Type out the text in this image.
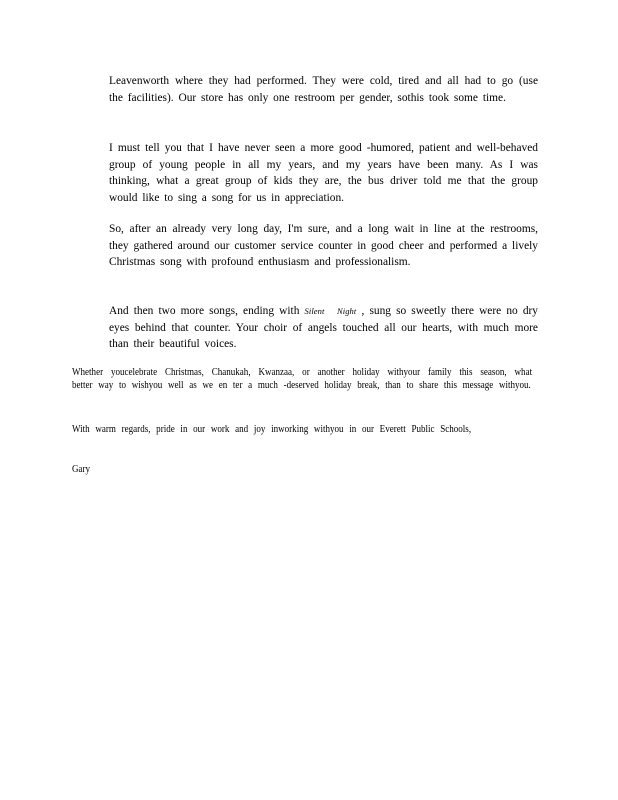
Leavenworth where they had performed. They were cold, tired and all had to go (use the facilities). Our store has only one restroom per gender, sothis took some time.

I must tell you that I have never seen a more good -humored, patient and well-behaved group of young people in all my years, and my years have been many. As I was thinking, what a great group of kids they are, the bus driver told me that the group would like to sing a song for us in appreciation.

So, after an already very long day, I'm sure, and a long wait in line at the restrooms, they gathered around our customer service counter in good cheer and performed a lively Christmas song with profound enthusiasm and professionalism.

And then two more songs, ending with Silent Night , sung so sweetly there were no dry eyes behind that counter. Your choir of angels touched all our hearts, with much more than their beautiful voices.

Whether youcelebrate Christmas, Chanukah, Kwanzaa, or another holiday withyour family this season, what better way to wishyou well as we en ter a much -deserved holiday break, than to share this message withyou.

With warm regards, pride in our work and joy inworking withyou in our Everett Public Schools,

Gary
